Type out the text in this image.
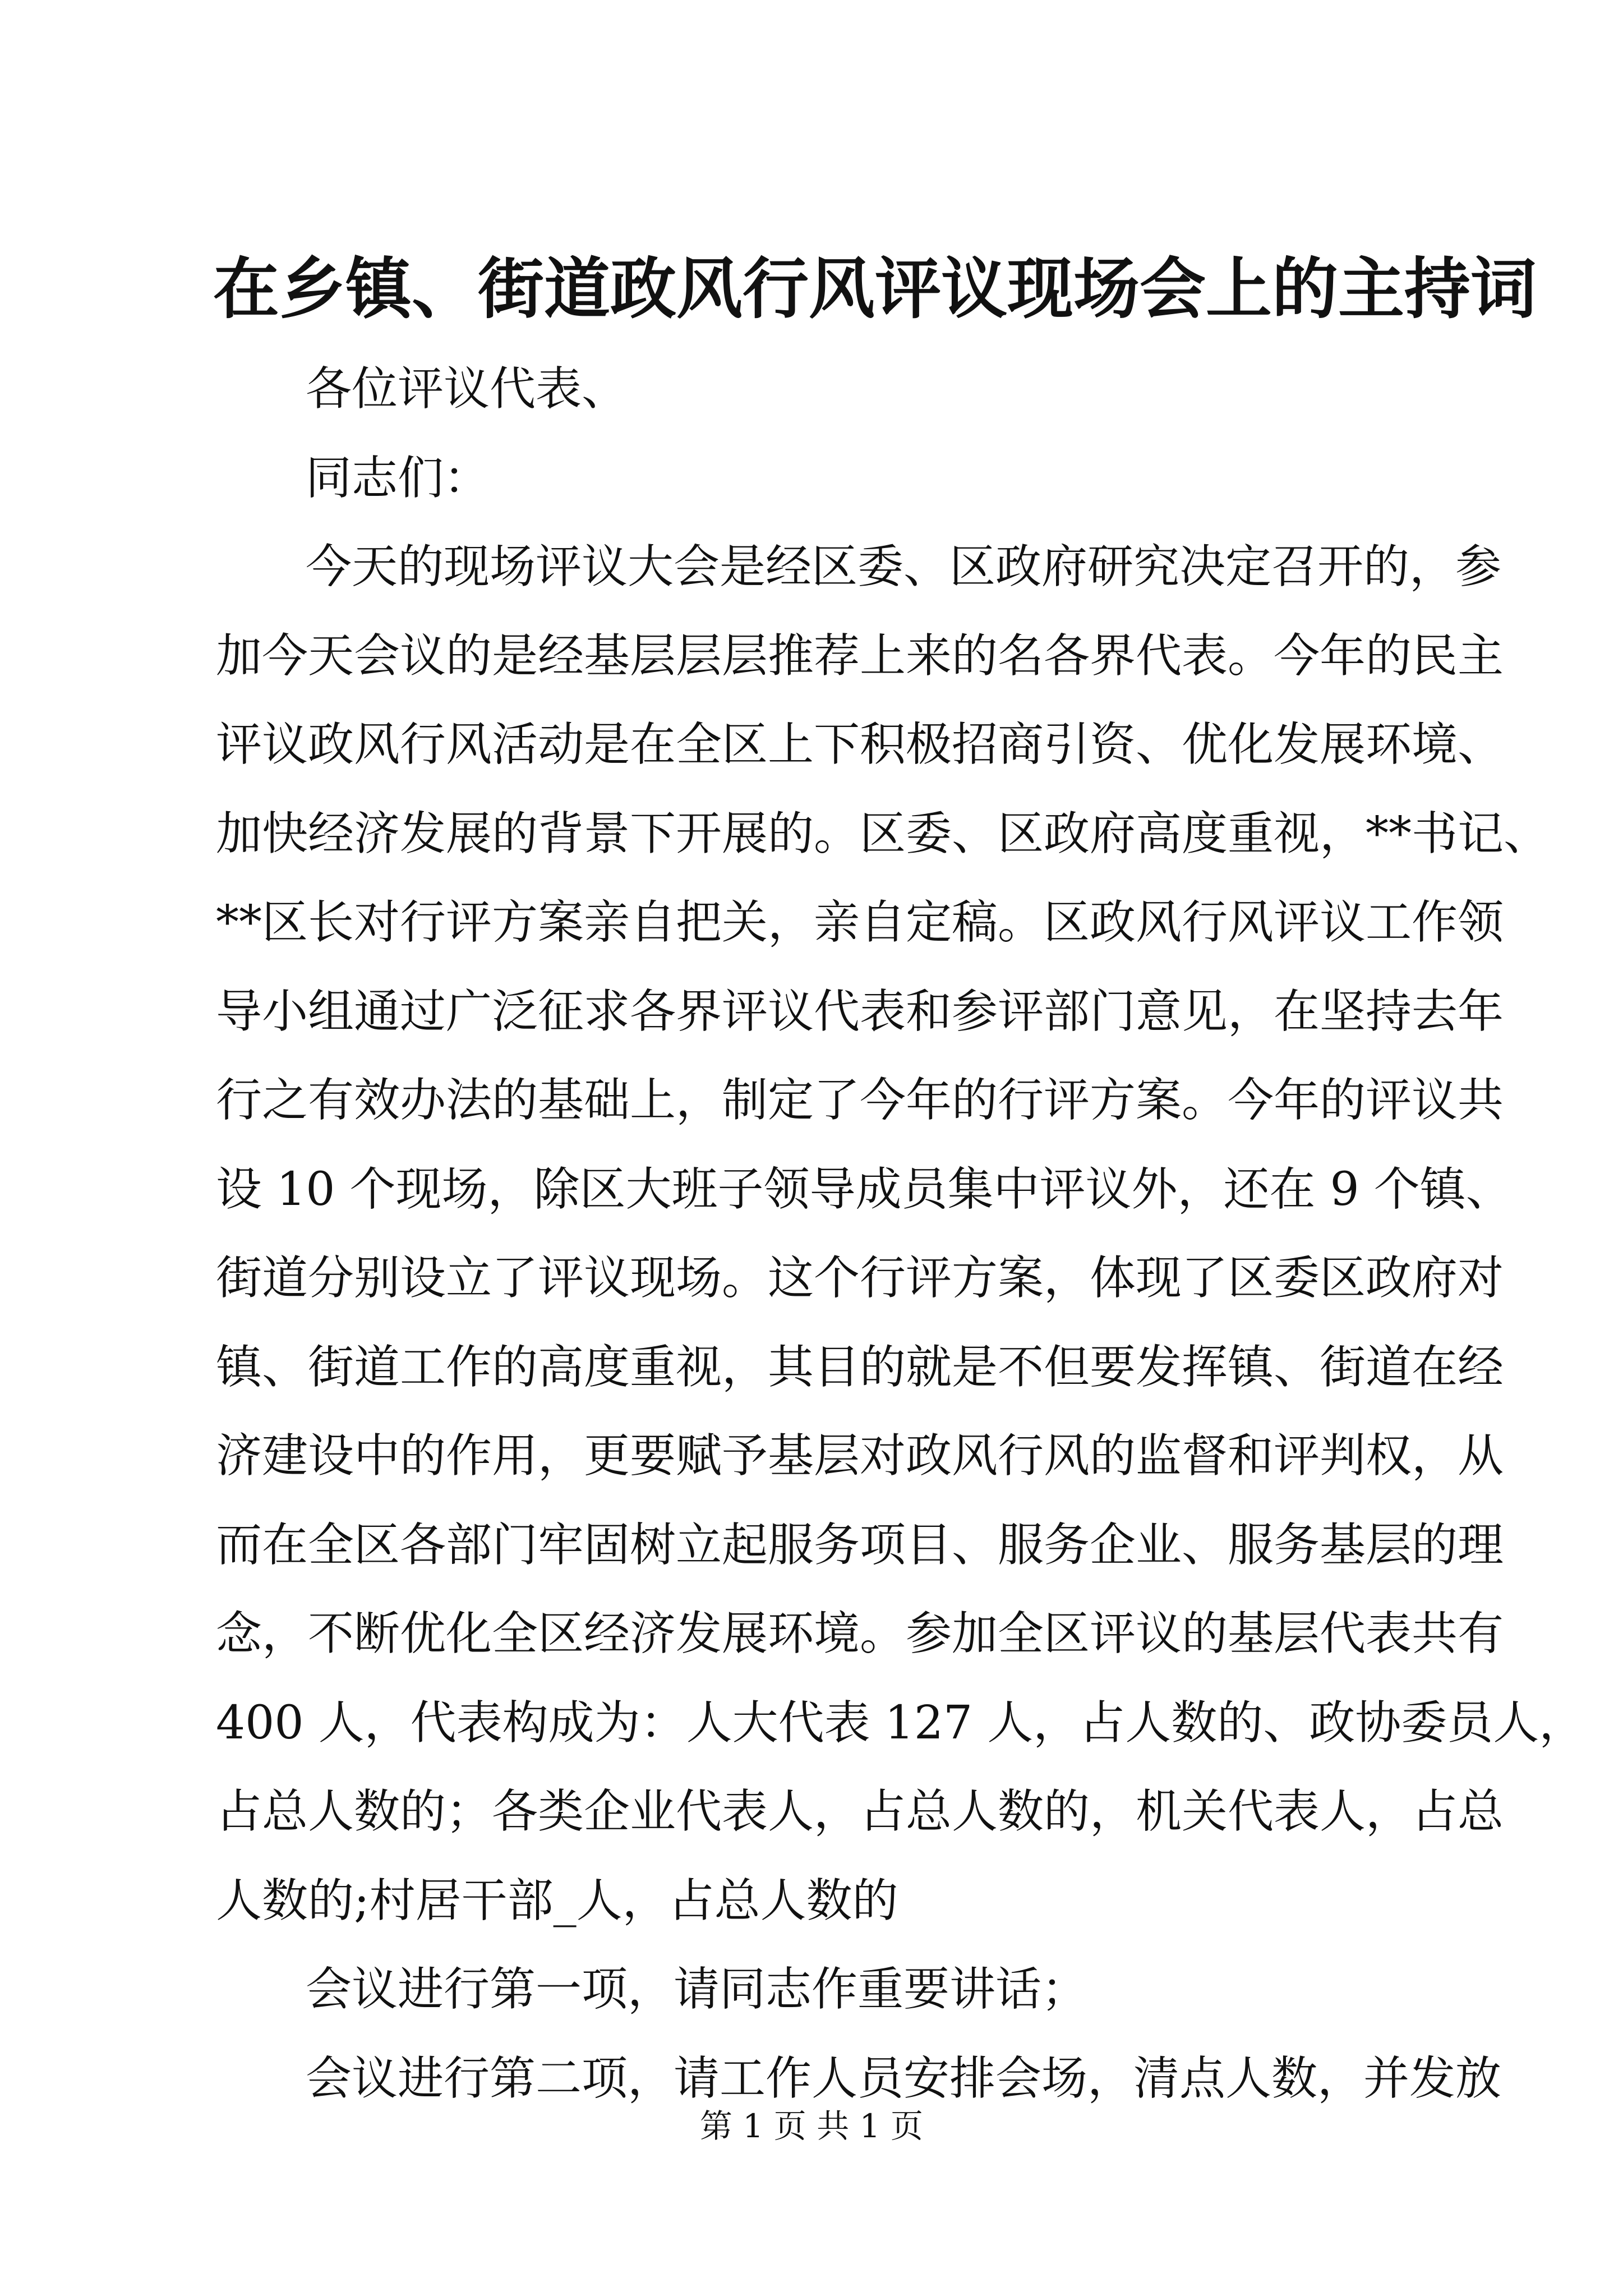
在乡镇、街道政风行风评议现场会上的主持词

各位评议代表、

同志们：

今天的现场评议大会是经区委、区政府研究决定召开的，参

加今天会议的是经基层层层推荐上来的名各界代表。今年的民主

评议政风行风活动是在全区上下积极招商引资、优化发展环境、

加快经济发展的背景下开展的。区委、区政府高度重视，**书记、

**区长对行评方案亲自把关，亲自定稿。区政风行风评议工作领

导小组通过广泛征求各界评议代表和参评部门意见，在坚持去年

行之有效办法的基础上，制定了今年的行评方案。今年的评议共

设 10 个现场，除区大班子领导成员集中评议外，还在 9 个镇、

街道分别设立了评议现场。这个行评方案，体现了区委区政府对

镇、街道工作的高度重视，其目的就是不但要发挥镇、街道在经

济建设中的作用，更要赋予基层对政风行风的监督和评判权，从

而在全区各部门牢固树立起服务项目、服务企业、服务基层的理

念，不断优化全区经济发展环境。参加全区评议的基层代表共有

400 人，代表构成为：人大代表 127 人，占人数的、政协委员人，

占总人数的；各类企业代表人，占总人数的，机关代表人，占总

人数的;村居干部_人，占总人数的

会议进行第一项，请同志作重要讲话；

会议进行第二项，请工作人员安排会场，清点人数，并发放

第 1 页 共 1 页
